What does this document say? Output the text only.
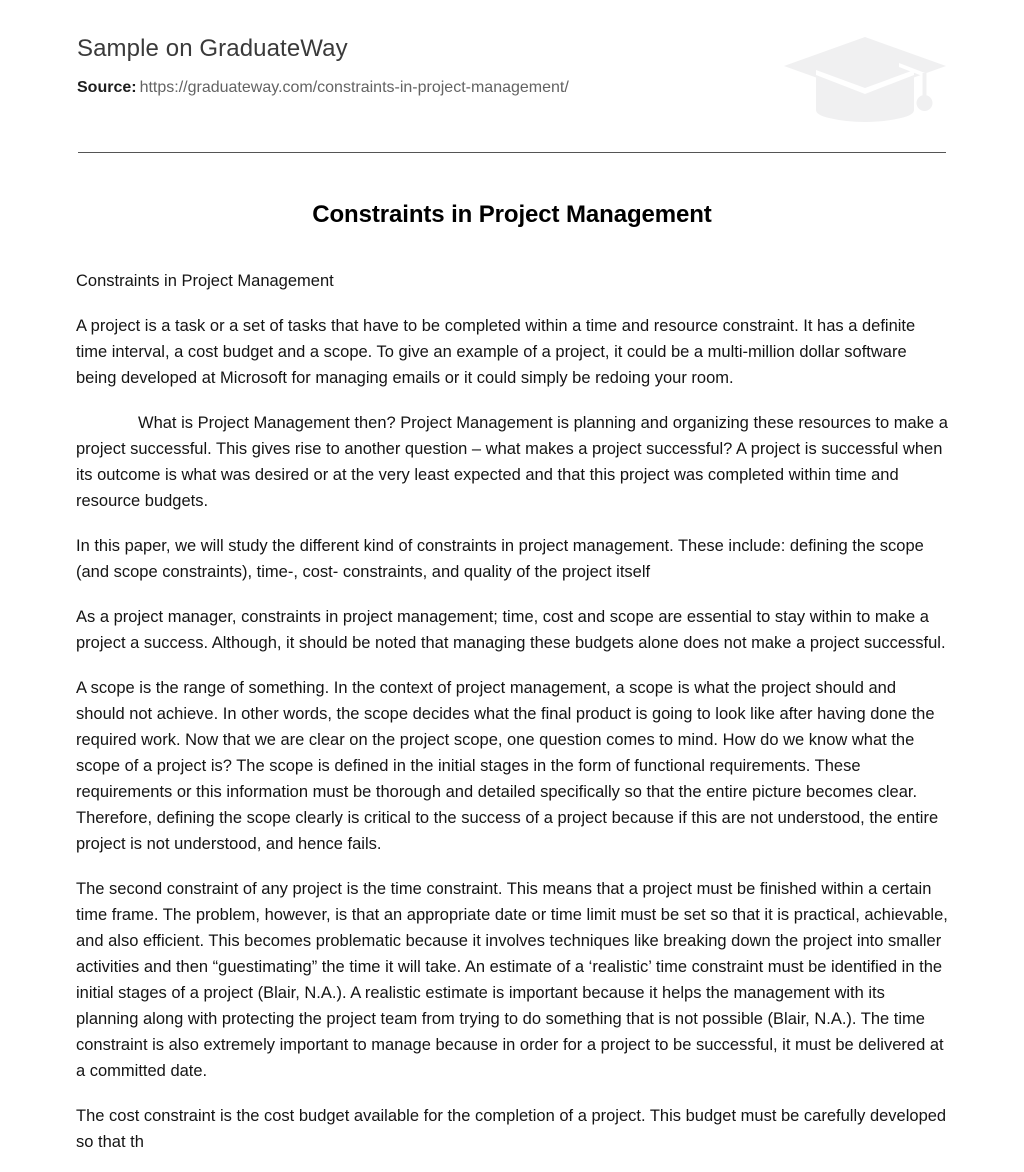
Sample on GraduateWay
Source: https://graduateway.com/constraints-in-project-management/
Constraints in Project Management

Constraints in Project Management

A project is a task or a set of tasks that have to be completed within a time and resource constraint. It has a definite time interval, a cost budget and a scope. To give an example of a project, it could be a multi-million dollar software being developed at Microsoft for managing emails or it could simply be redoing your room.

What is Project Management then? Project Management is planning and organizing these resources to make a project successful. This gives rise to another question – what makes a project successful? A project is successful when its outcome is what was desired or at the very least expected and that this project was completed within time and resource budgets.

In this paper, we will study the different kind of constraints in project management. These include: defining the scope (and scope constraints), time-, cost- constraints, and quality of the project itself

As a project manager, constraints in project management; time, cost and scope are essential to stay within to make a project a success. Although, it should be noted that managing these budgets alone does not make a project successful.

A scope is the range of something. In the context of project management, a scope is what the project should and should not achieve. In other words, the scope decides what the final product is going to look like after having done the required work. Now that we are clear on the project scope, one question comes to mind. How do we know what the scope of a project is? The scope is defined in the initial stages in the form of functional requirements. These requirements or this information must be thorough and detailed specifically so that the entire picture becomes clear. Therefore, defining the scope clearly is critical to the success of a project because if this are not understood, the entire project is not understood, and hence fails.

The second constraint of any project is the time constraint. This means that a project must be finished within a certain time frame. The problem, however, is that an appropriate date or time limit must be set so that it is practical, achievable, and also efficient. This becomes problematic because it involves techniques like breaking down the project into smaller activities and then “guestimating” the time it will take. An estimate of a ‘realistic’ time constraint must be identified in the initial stages of a project (Blair, N.A.). A realistic estimate is important because it helps the management with its planning along with protecting the project team from trying to do something that is not possible (Blair, N.A.). The time constraint is also extremely important to manage because in order for a project to be successful, it must be delivered at a committed date.

The cost constraint is the cost budget available for the completion of a project. This budget must be carefully developed so that th
